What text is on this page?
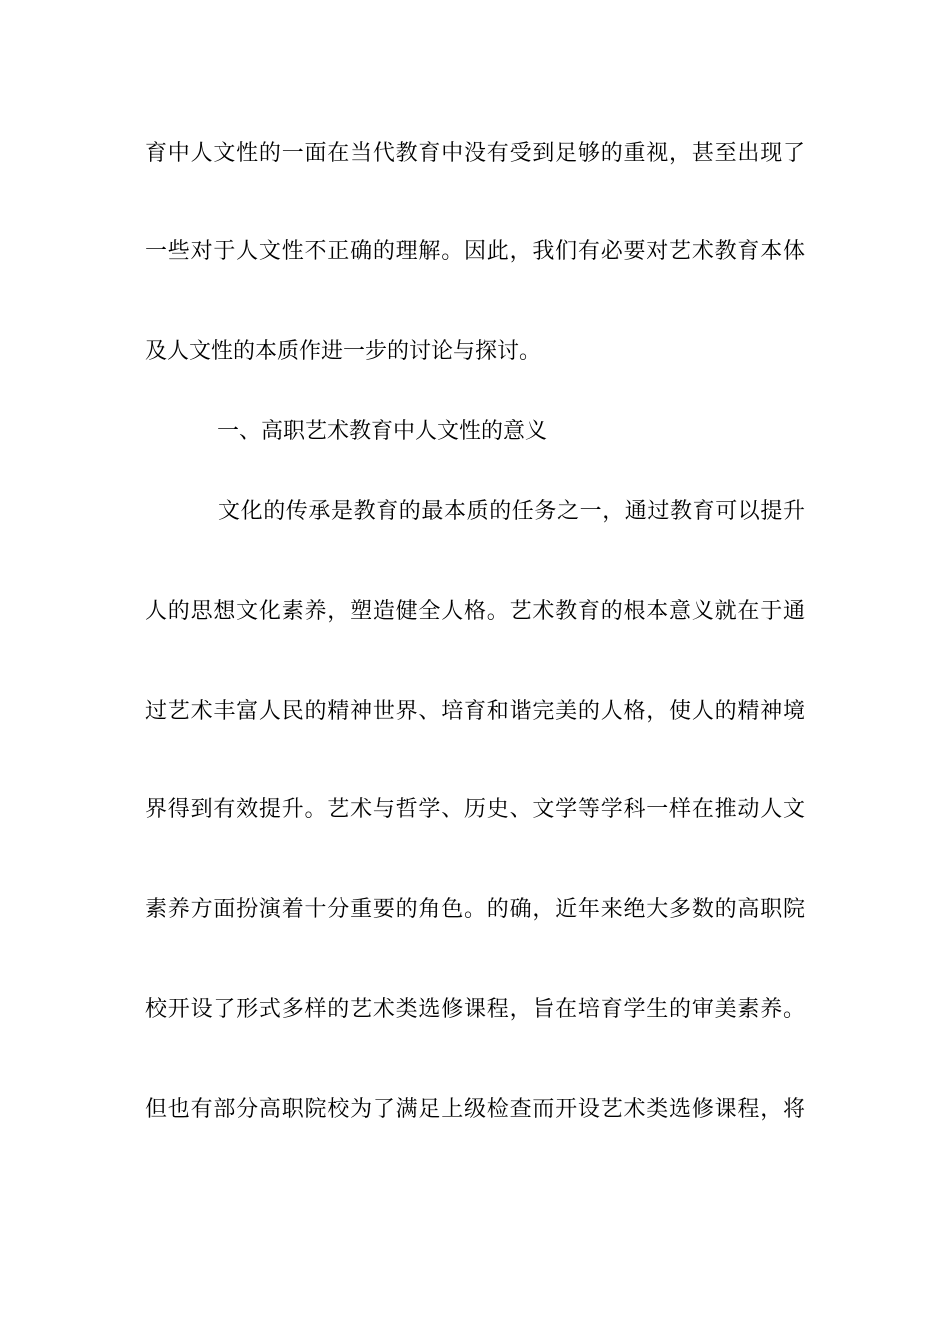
育中人文性的一面在当代教育中没有受到足够的重视，甚至出现了
一些对于人文性不正确的理解。因此，我们有必要对艺术教育本体
及人文性的本质作进一步的讨论与探讨。
一、高职艺术教育中人文性的意义
文化的传承是教育的最本质的任务之一，通过教育可以提升
人的思想文化素养，塑造健全人格。艺术教育的根本意义就在于通
过艺术丰富人民的精神世界、培育和谐完美的人格，使人的精神境
界得到有效提升。艺术与哲学、历史、文学等学科一样在推动人文
素养方面扮演着十分重要的角色。的确，近年来绝大多数的高职院
校开设了形式多样的艺术类选修课程，旨在培育学生的审美素养。
但也有部分高职院校为了满足上级检查而开设艺术类选修课程，将
